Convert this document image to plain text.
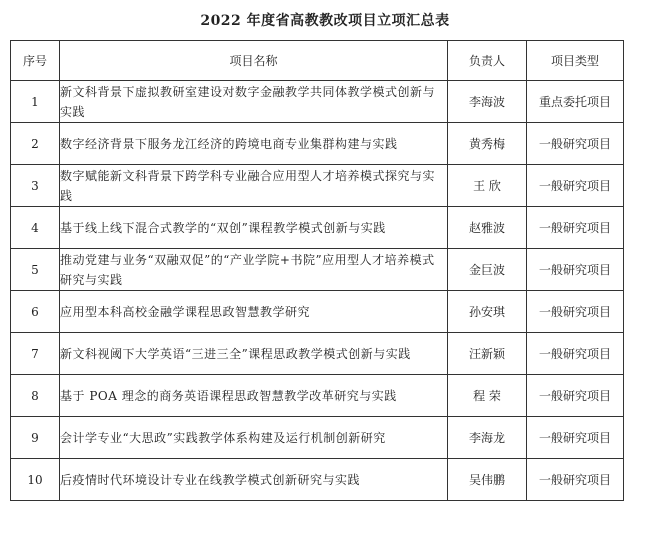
2022 年度省高教教改项目立项汇总表
序号	项目名称	负责人	项目类型
1	新文科背景下虚拟教研室建设对数字金融教学共同体教学模式创新与实践	李海波	重点委托项目
2	数字经济背景下服务龙江经济的跨境电商专业集群构建与实践	黄秀梅	一般研究项目
3	数字赋能新文科背景下跨学科专业融合应用型人才培养模式探究与实践	王 欣	一般研究项目
4	基于线上线下混合式教学的“双创”课程教学模式创新与实践	赵雅波	一般研究项目
5	推动党建与业务“双融双促”的“产业学院+书院”应用型人才培养模式研究与实践	金巨波	一般研究项目
6	应用型本科高校金融学课程思政智慧教学研究	孙安琪	一般研究项目
7	新文科视阈下大学英语“三进三全”课程思政教学模式创新与实践	汪新颖	一般研究项目
8	基于 POA 理念的商务英语课程思政智慧教学改革研究与实践	程 荣	一般研究项目
9	会计学专业“大思政”实践教学体系构建及运行机制创新研究	李海龙	一般研究项目
10	后疫情时代环境设计专业在线教学模式创新研究与实践	吴伟鹏	一般研究项目
